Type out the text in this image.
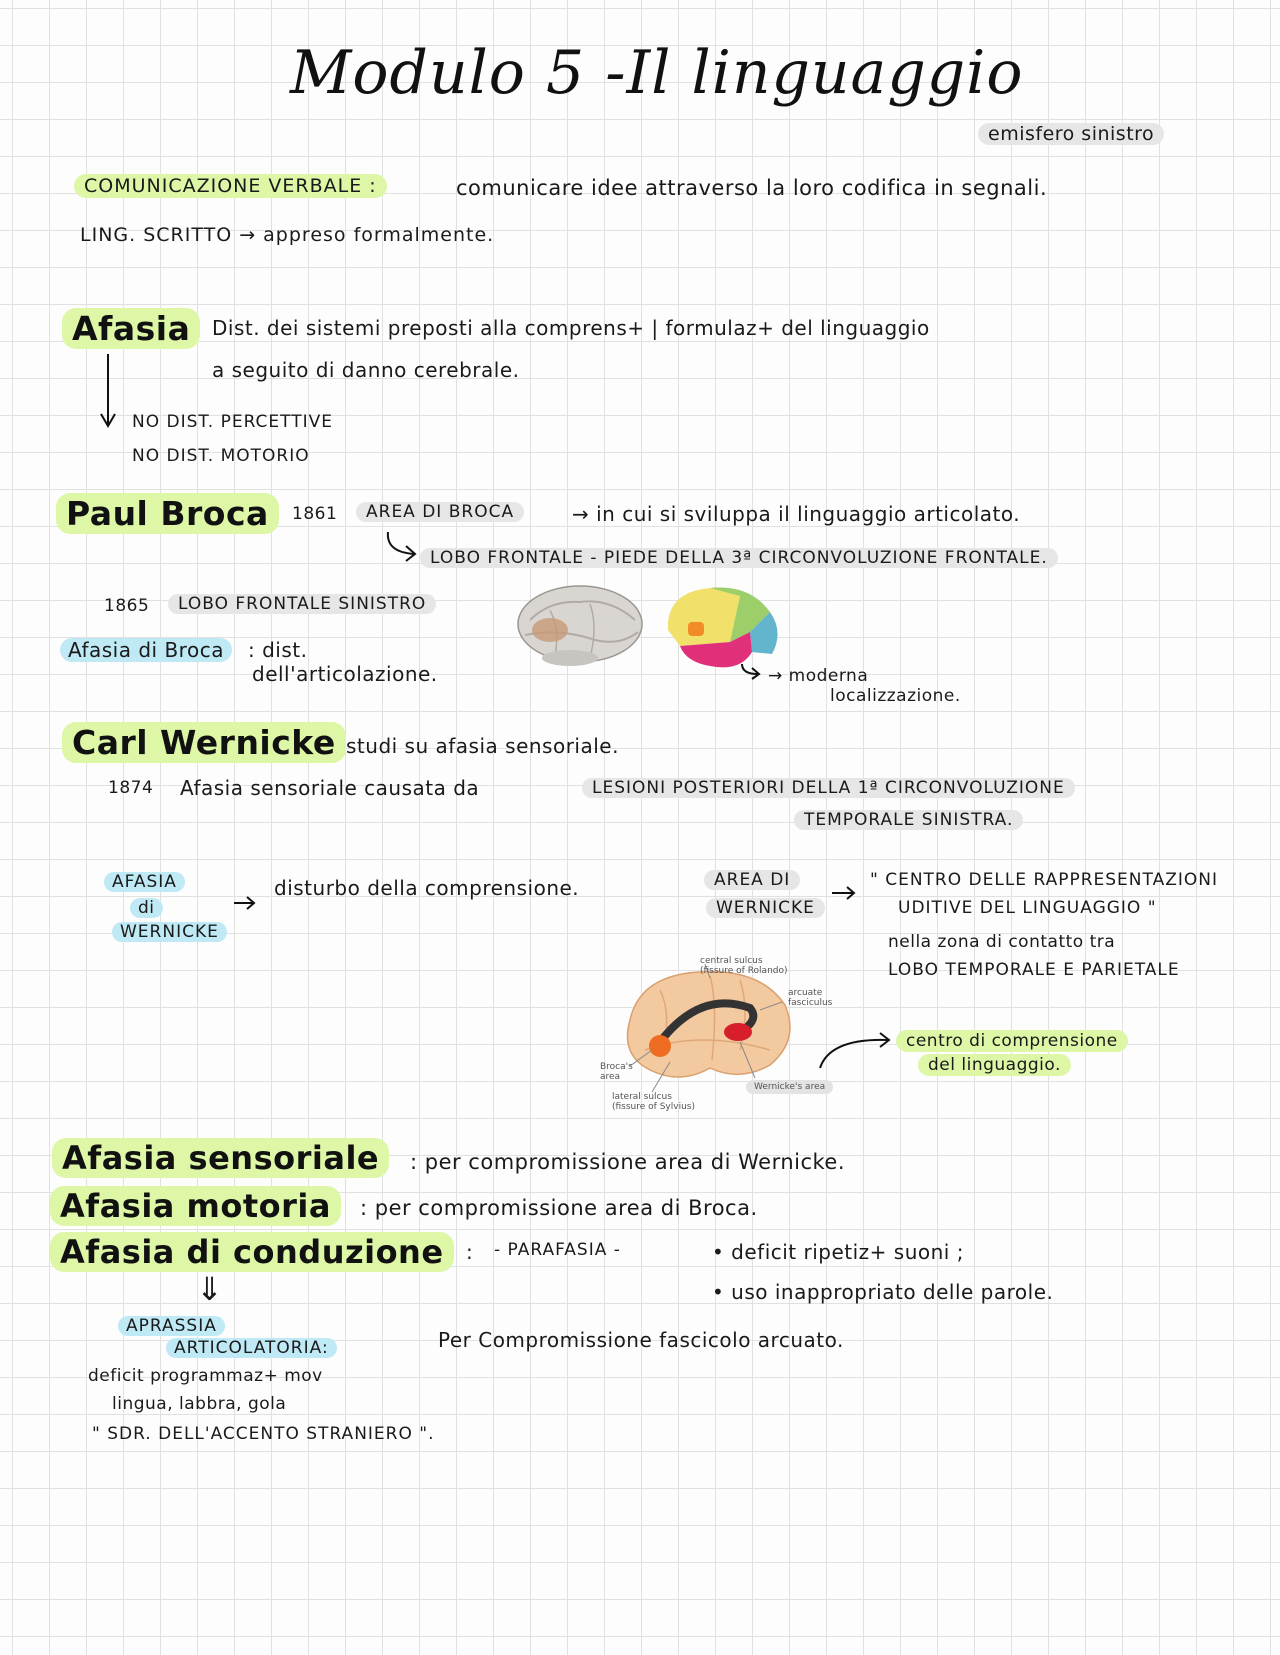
Modulo 5 -Il linguaggio
emisfero sinistro
COMUNICAZIONE VERBALE :	comunicare idee attraverso la loro codifica in segnali.
LING. SCRITTO → appreso formalmente.
Afasia	Dist. dei sistemi preposti alla comprens+ | formulaz+ del linguaggio
a seguito di danno cerebrale.
NO DIST. PERCETTIVE
NO DIST. MOTORIO
Paul Broca	1861	AREA DI BROCA	→ in cui si sviluppa il linguaggio articolato.
LOBO FRONTALE - PIEDE DELLA 3ª CIRCONVOLUZIONE FRONTALE.
1865	LOBO FRONTALE SINISTRO
Afasia di Broca	: dist.
dell'articolazione.	→ moderna
localizzazione.
Carl Wernicke studi su afasia sensoriale.
1874 Afasia sensoriale causata da	LESIONI POSTERIORI DELLA 1ª CIRCONVOLUZIONE
TEMPORALE SINISTRA.
AFASIA
di
WERNICKE
disturbo della comprensione.	AREA DI
WERNICKE
" CENTRO DELLE RAPPRESENTAZIONI
UDITIVE DEL LINGUAGGIO "
nella zona di contatto tra
LOBO TEMPORALE E PARIETALE
central sulcus
(fissure of Rolando)
arcuate
fasciculus
Broca's
area
lateral sulcus
(fissure of Sylvius)
Wernicke's area
centro di comprensione
del linguaggio.
Afasia sensoriale	: per compromissione area di Wernicke.
Afasia motoria	: per compromissione area di Broca.
Afasia di conduzione	: - PARAFASIA -	• deficit ripetiz+ suoni ;
• uso inappropriato delle parole.
⇓
APRASSIA
ARTICOLATORIA:
deficit programmaz+ mov
lingua, labbra, gola
" SDR. DELL'ACCENTO STRANIERO ".
Per Compromissione fascicolo arcuato.
